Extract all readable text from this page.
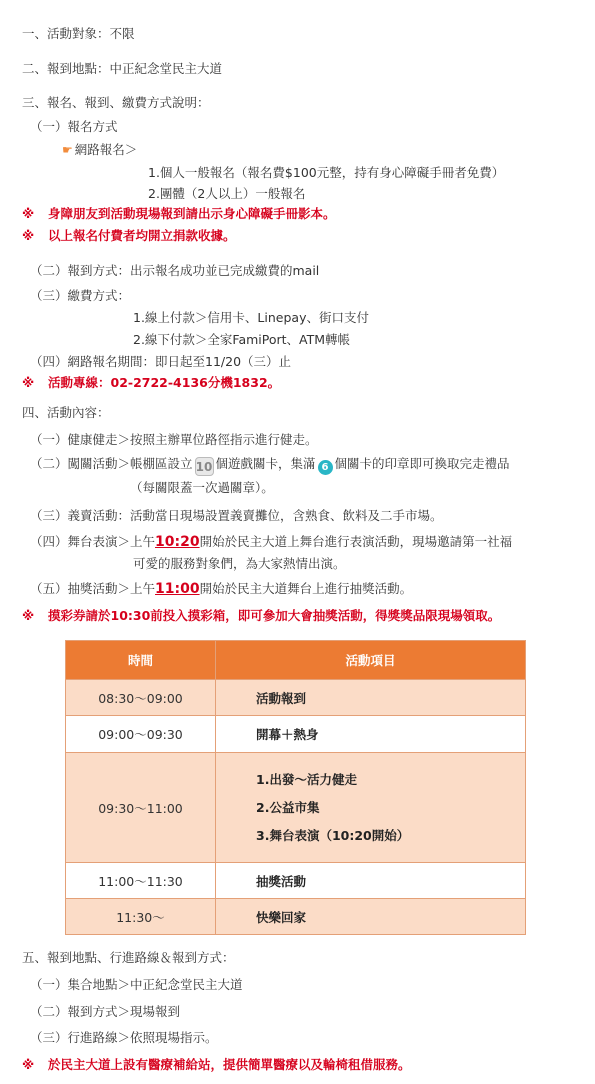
一、活動對象：不限
二、報到地點：中正紀念堂民主大道
三、報名、報到、繳費方式說明：
（一）報名方式
☛ 網路報名＞
1.個人一般報名（報名費$100元整，持有身心障礙手冊者免費）
2.團體（2人以上）一般報名
※ 身障朋友到活動現場報到請出示身心障礙手冊影本。
※ 以上報名付費者均開立捐款收據。
（二）報到方式：出示報名成功並已完成繳費的mail
（三）繳費方式：
1.線上付款＞信用卡、Linepay、街口支付
2.線下付款＞全家FamiPort、ATM轉帳
（四）網路報名期間：即日起至11/20（三）止
※ 活動專線：02-2722-4136分機1832。
四、活動內容：
（一）健康健走＞按照主辦單位路徑指示進行健走。
（二）闖關活動＞帳棚區設立 10 個遊戲關卡，集滿 6 個關卡的印章即可換取完走禮品
（每關限蓋一次過關章）。
（三）義賣活動：活動當日現場設置義賣攤位，含熟食、飲料及二手市場。
（四）舞台表演＞上午10:20開始於民主大道上舞台進行表演活動，現場邀請第一社福
可愛的服務對象們，為大家熱情出演。
（五）抽獎活動＞上午11:00開始於民主大道舞台上進行抽獎活動。
※ 摸彩券請於10:30前投入摸彩箱，即可參加大會抽獎活動，得獎獎品限現場領取。
時間	活動項目
08:30～09:00	活動報到
09:00～09:30	開幕＋熱身
09:30～11:00	1.出發～活力健走
2.公益市集
3.舞台表演（10:20開始）

11:00～11:30	抽獎活動
11:30～	快樂回家
五、報到地點、行進路線＆報到方式：
（一）集合地點＞中正紀念堂民主大道
（二）報到方式＞現場報到
（三）行進路線＞依照現場指示。
※ 於民主大道上設有醫療補給站，提供簡單醫療以及輪椅租借服務。
